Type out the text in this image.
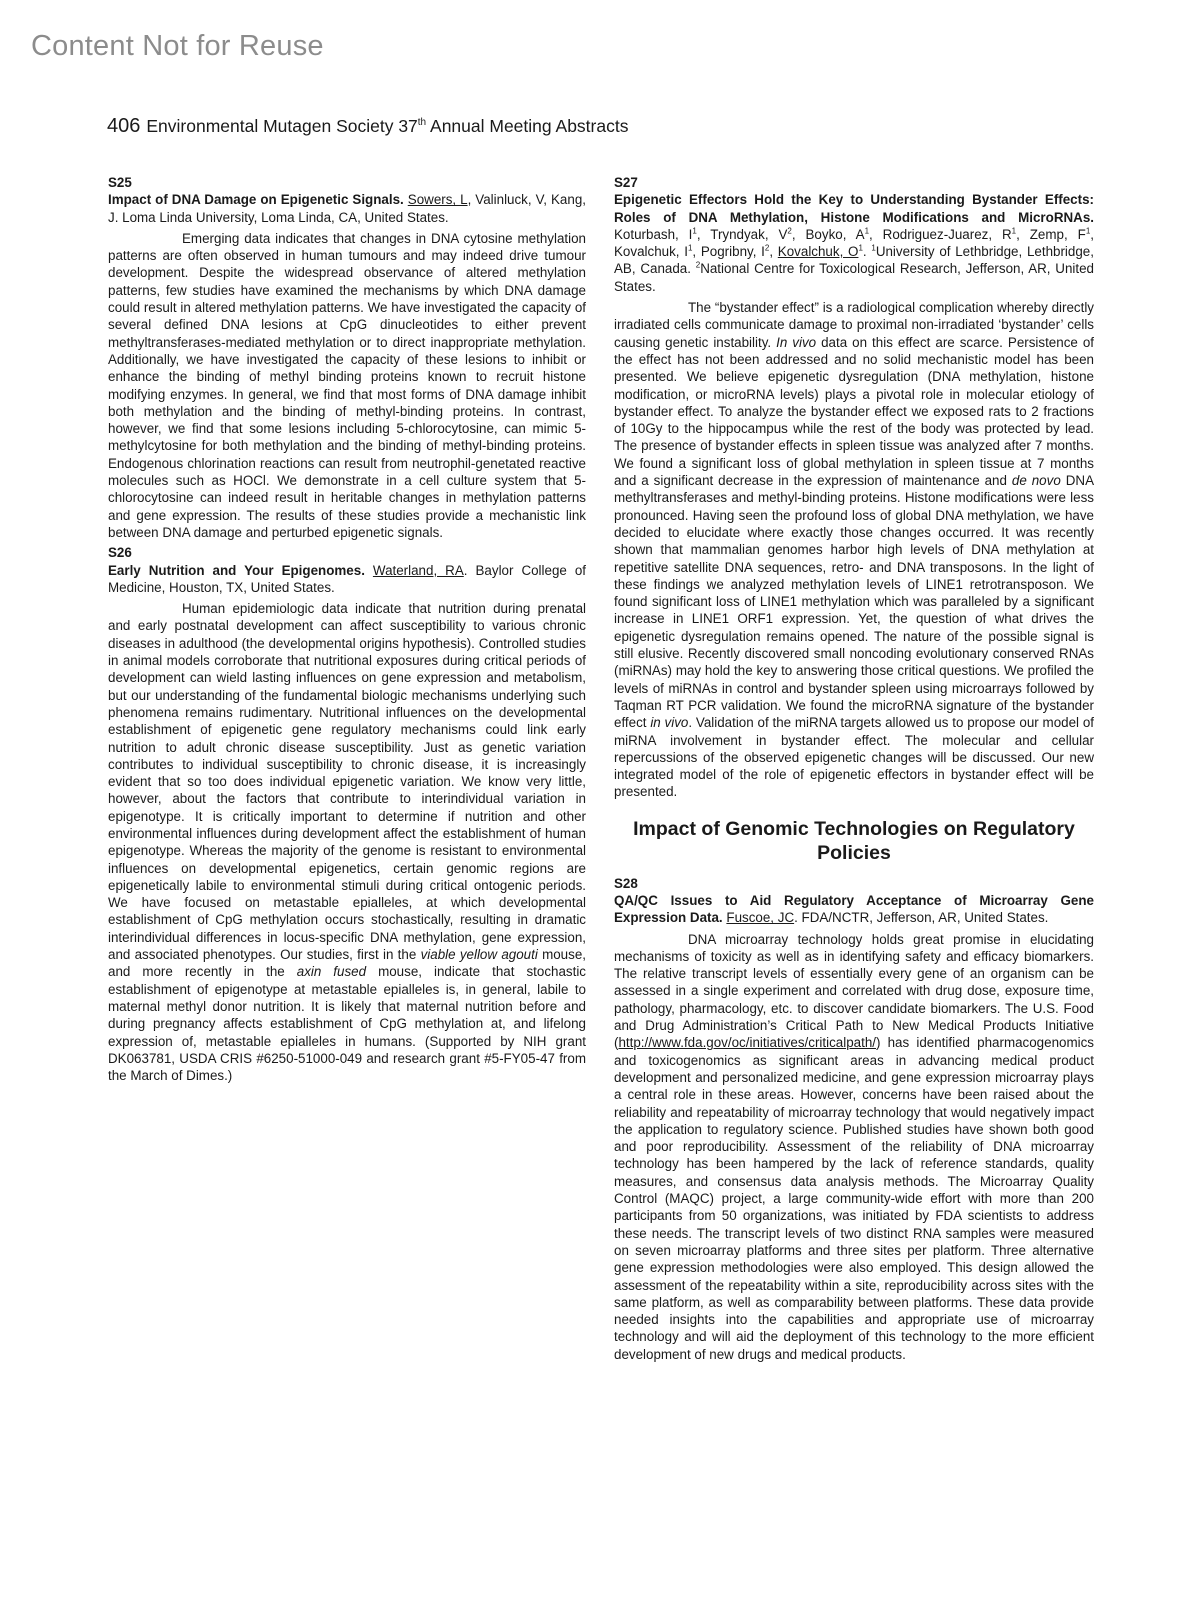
Content Not for Reuse
406 Environmental Mutagen Society 37th Annual Meeting Abstracts

S25

Impact of DNA Damage on Epigenetic Signals. Sowers, L, Valinluck, V, Kang, J. Loma Linda University, Loma Linda, CA, United States.

Emerging data indicates that changes in DNA cytosine methylation patterns are often observed in human tumours and may indeed drive tumour development. Despite the widespread observance of altered methylation patterns, few studies have examined the mechanisms by which DNA damage could result in altered methylation patterns. We have investigated the capacity of several defined DNA lesions at CpG dinucleotides to either prevent methyltransferases-mediated methylation or to direct inappropriate methylation. Additionally, we have investigated the capacity of these lesions to inhibit or enhance the binding of methyl binding proteins known to recruit histone modifying enzymes. In general, we find that most forms of DNA damage inhibit both methylation and the binding of methyl-binding proteins. In contrast, however, we find that some lesions including 5-chlorocytosine, can mimic 5-methylcytosine for both methylation and the binding of methyl-binding proteins. Endogenous chlorination reactions can result from neutrophil-genetated reactive molecules such as HOCl. We demonstrate in a cell culture system that 5-chlorocytosine can indeed result in heritable changes in methylation patterns and gene expression. The results of these studies provide a mechanistic link between DNA damage and perturbed epigenetic signals.

S26

Early Nutrition and Your Epigenomes. Waterland, RA. Baylor College of Medicine, Houston, TX, United States.

Human epidemiologic data indicate that nutrition during prenatal and early postnatal development can affect susceptibility to various chronic diseases in adulthood (the developmental origins hypothesis). Controlled studies in animal models corroborate that nutritional exposures during critical periods of development can wield lasting influences on gene expression and metabolism, but our understanding of the fundamental biologic mechanisms underlying such phenomena remains rudimentary. Nutritional influences on the developmental establishment of epigenetic gene regulatory mechanisms could link early nutrition to adult chronic disease susceptibility. Just as genetic variation contributes to individual susceptibility to chronic disease, it is increasingly evident that so too does individual epigenetic variation. We know very little, however, about the factors that contribute to interindividual variation in epigenotype. It is critically important to determine if nutrition and other environmental influences during development affect the establishment of human epigenotype. Whereas the majority of the genome is resistant to environmental influences on developmental epigenetics, certain genomic regions are epigenetically labile to environmental stimuli during critical ontogenic periods. We have focused on metastable epialleles, at which developmental establishment of CpG methylation occurs stochastically, resulting in dramatic interindividual differences in locus-specific DNA methylation, gene expression, and associated phenotypes. Our studies, first in the viable yellow agouti mouse, and more recently in the axin fused mouse, indicate that stochastic establishment of epigenotype at metastable epialleles is, in general, labile to maternal methyl donor nutrition. It is likely that maternal nutrition before and during pregnancy affects establishment of CpG methylation at, and lifelong expression of, metastable epialleles in humans. (Supported by NIH grant DK063781, USDA CRIS #6250-51000-049 and research grant #5-FY05-47 from the March of Dimes.)

S27

Epigenetic Effectors Hold the Key to Understanding Bystander Effects: Roles of DNA Methylation, Histone Modifications and MicroRNAs. Koturbash, $I^1$, Tryndyak, $V^2$, Boyko, $A^1$, Rodriguez-Juarez, $R^1$, Zemp, $F^1$, Kovalchuk, $I^1$, Pogribny, $I^2$, Kovalchuk, $O^1$. $^1$University of Lethbridge, Lethbridge, AB, Canada. $^2$National Centre for Toxicological Research, Jefferson, AR, United States.

The “bystander effect” is a radiological complication whereby directly irradiated cells communicate damage to proximal non-irradiated ‘bystander’ cells causing genetic instability. In vivo data on this effect are scarce. Persistence of the effect has not been addressed and no solid mechanistic model has been presented. We believe epigenetic dysregulation (DNA methylation, histone modification, or microRNA levels) plays a pivotal role in molecular etiology of bystander effect. To analyze the bystander effect we exposed rats to 2 fractions of 10Gy to the hippocampus while the rest of the body was protected by lead. The presence of bystander effects in spleen tissue was analyzed after 7 months. We found a significant loss of global methylation in spleen tissue at 7 months and a significant decrease in the expression of maintenance and de novo DNA methyltransferases and methyl-binding proteins. Histone modifications were less pronounced. Having seen the profound loss of global DNA methylation, we have decided to elucidate where exactly those changes occurred. It was recently shown that mammalian genomes harbor high levels of DNA methylation at repetitive satellite DNA sequences, retro- and DNA transposons. In the light of these findings we analyzed methylation levels of LINE1 retrotransposon. We found significant loss of LINE1 methylation which was paralleled by a significant increase in LINE1 ORF1 expression. Yet, the question of what drives the epigenetic dysregulation remains opened. The nature of the possible signal is still elusive. Recently discovered small noncoding evolutionary conserved RNAs (miRNAs) may hold the key to answering those critical questions. We profiled the levels of miRNAs in control and bystander spleen using microarrays followed by Taqman RT PCR validation. We found the microRNA signature of the bystander effect in vivo. Validation of the miRNA targets allowed us to propose our model of miRNA involvement in bystander effect. The molecular and cellular repercussions of the observed epigenetic changes will be discussed. Our new integrated model of the role of epigenetic effectors in bystander effect will be presented.

Impact of Genomic Technologies on Regulatory Policies

S28

QA/QC Issues to Aid Regulatory Acceptance of Microarray Gene Expression Data. Fuscoe, JC. FDA/NCTR, Jefferson, AR, United States.

DNA microarray technology holds great promise in elucidating mechanisms of toxicity as well as in identifying safety and efficacy biomarkers. The relative transcript levels of essentially every gene of an organism can be assessed in a single experiment and correlated with drug dose, exposure time, pathology, pharmacology, etc. to discover candidate biomarkers. The U.S. Food and Drug Administration’s Critical Path to New Medical Products Initiative (http://www.fda.gov/oc/initiatives/criticalpath/) has identified pharmacogenomics and toxicogenomics as significant areas in advancing medical product development and personalized medicine, and gene expression microarray plays a central role in these areas. However, concerns have been raised about the reliability and repeatability of microarray technology that would negatively impact the application to regulatory science. Published studies have shown both good and poor reproducibility. Assessment of the reliability of DNA microarray technology has been hampered by the lack of reference standards, quality measures, and consensus data analysis methods. The Microarray Quality Control (MAQC) project, a large community-wide effort with more than 200 participants from 50 organizations, was initiated by FDA scientists to address these needs. The transcript levels of two distinct RNA samples were measured on seven microarray platforms and three sites per platform. Three alternative gene expression methodologies were also employed. This design allowed the assessment of the repeatability within a site, reproducibility across sites with the same platform, as well as comparability between platforms. These data provide needed insights into the capabilities and appropriate use of microarray technology and will aid the deployment of this technology to the more efficient development of new drugs and medical products.
